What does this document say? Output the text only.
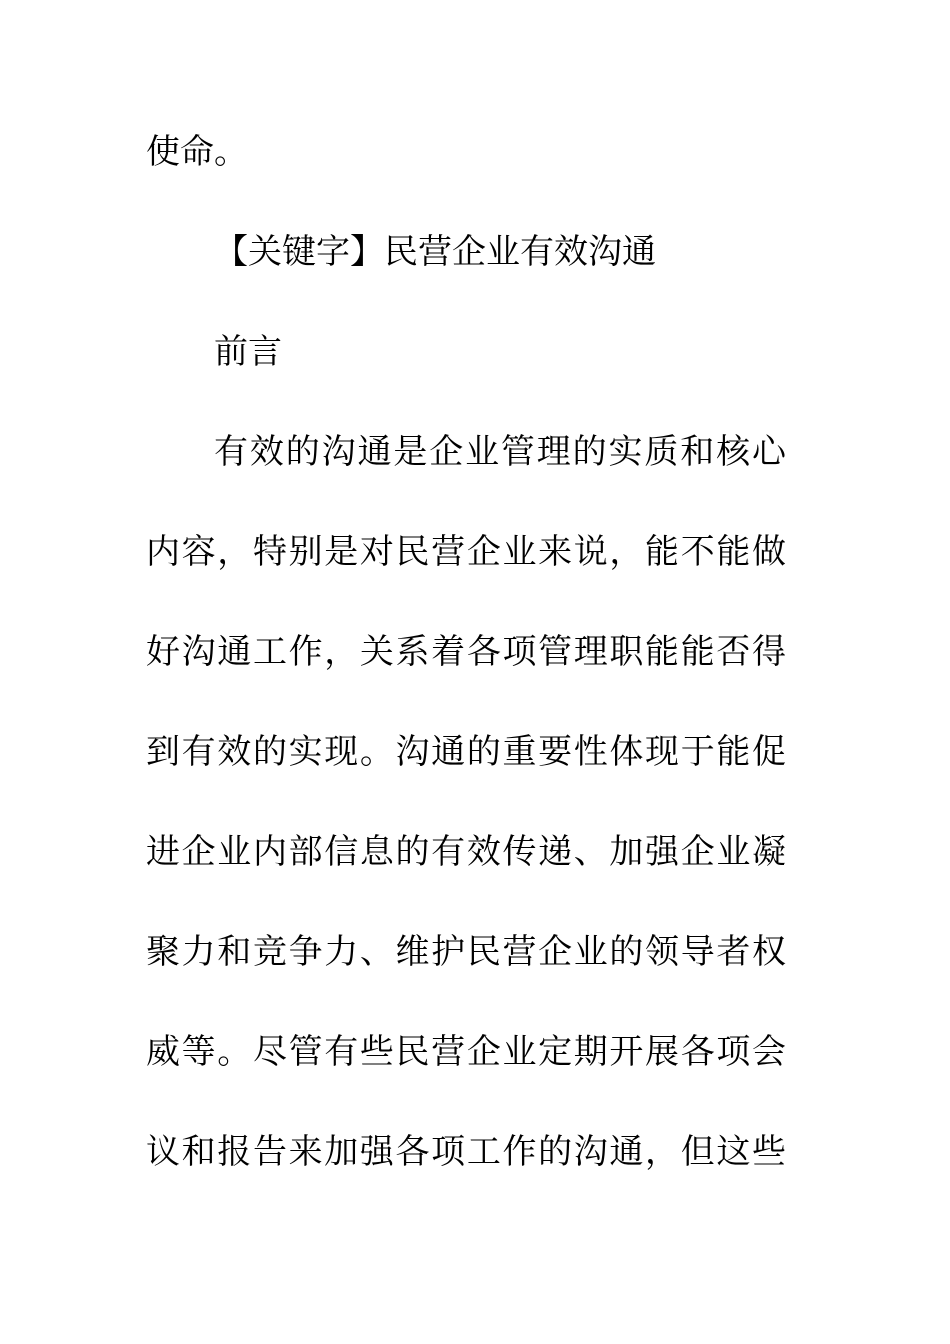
使命。
【关键字】民营企业有效沟通
前言
有效的沟通是企业管理的实质和核心
内容，特别是对民营企业来说，能不能做
好沟通工作，关系着各项管理职能能否得
到有效的实现。沟通的重要性体现于能促
进企业内部信息的有效传递、加强企业凝
聚力和竞争力、维护民营企业的领导者权
威等。尽管有些民营企业定期开展各项会
议和报告来加强各项工作的沟通，但这些
